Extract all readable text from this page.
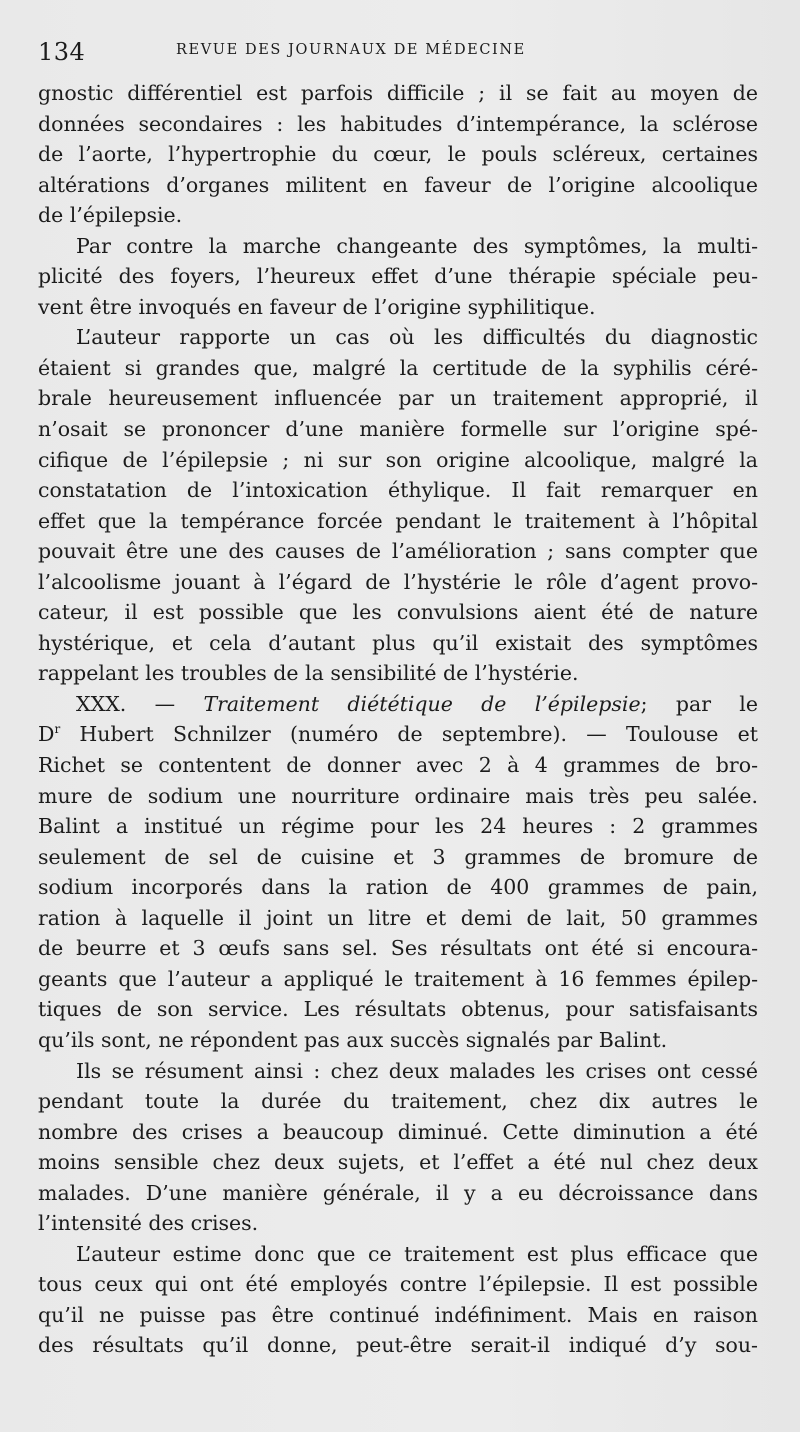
134	REVUE DES JOURNAUX DE MÉDECINE
gnostic différentiel est parfois difficile ; il se fait au moyen de
données secondaires : les habitudes d’intempérance, la sclérose
de l’aorte, l’hypertrophie du cœur, le pouls scléreux, certaines
altérations d’organes militent en faveur de l’origine alcoolique
de l’épilepsie.
Par contre la marche changeante des symptômes, la multi-
plicité des foyers, l’heureux effet d’une thérapie spéciale peu-
vent être invoqués en faveur de l’origine syphilitique.
L’auteur rapporte un cas où les difficultés du diagnostic
étaient si grandes que, malgré la certitude de la syphilis céré-
brale heureusement influencée par un traitement approprié, il
n’osait se prononcer d’une manière formelle sur l’origine spé-
cifique de l’épilepsie ; ni sur son origine alcoolique, malgré la
constatation de l’intoxication éthylique. Il fait remarquer en
effet que la tempérance forcée pendant le traitement à l’hôpital
pouvait être une des causes de l’amélioration ; sans compter que
l’alcoolisme jouant à l’égard de l’hystérie le rôle d’agent provo-
cateur, il est possible que les convulsions aient été de nature
hystérique, et cela d’autant plus qu’il existait des symptômes
rappelant les troubles de la sensibilité de l’hystérie.
XXX. — Traitement diététique de l’épilepsie; par le
$D^r$ Hubert Schnilzer (numéro de septembre). — Toulouse et
Richet se contentent de donner avec 2 à 4 grammes de bro-
mure de sodium une nourriture ordinaire mais très peu salée.
Balint a institué un régime pour les 24 heures : 2 grammes
seulement de sel de cuisine et 3 grammes de bromure de
sodium incorporés dans la ration de 400 grammes de pain,
ration à laquelle il joint un litre et demi de lait, 50 grammes
de beurre et 3 œufs sans sel. Ses résultats ont été si encoura-
geants que l’auteur a appliqué le traitement à 16 femmes épilep-
tiques de son service. Les résultats obtenus, pour satisfaisants
qu’ils sont, ne répondent pas aux succès signalés par Balint.
Ils se résument ainsi : chez deux malades les crises ont cessé
pendant toute la durée du traitement, chez dix autres le
nombre des crises a beaucoup diminué. Cette diminution a été
moins sensible chez deux sujets, et l’effet a été nul chez deux
malades. D’une manière générale, il y a eu décroissance dans
l’intensité des crises.
L’auteur estime donc que ce traitement est plus efficace que
tous ceux qui ont été employés contre l’épilepsie. Il est possible
qu’il ne puisse pas être continué indéfiniment. Mais en raison
des résultats qu’il donne, peut-être serait-il indiqué d’y sou-
